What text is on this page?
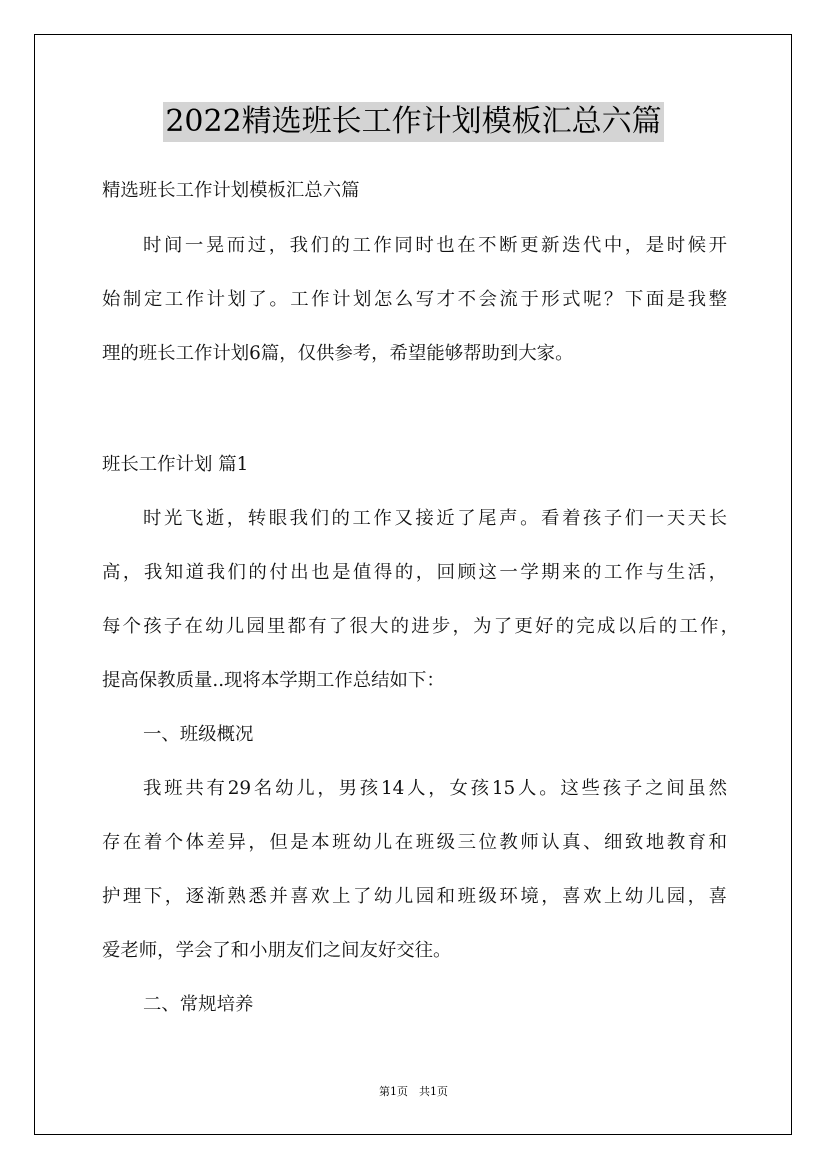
2022精选班长工作计划模板汇总六篇
精选班长工作计划模板汇总六篇
时间一晃而过，我们的工作同时也在不断更新迭代中，是时候开
始制定工作计划了。工作计划怎么写才不会流于形式呢？下面是我整
理的班长工作计划6篇，仅供参考，希望能够帮助到大家。
班长工作计划 篇1
时光飞逝，转眼我们的工作又接近了尾声。看着孩子们一天天长
高，我知道我们的付出也是值得的，回顾这一学期来的工作与生活，
每个孩子在幼儿园里都有了很大的进步，为了更好的完成以后的工作，
提高保教质量..现将本学期工作总结如下：
一、班级概况
我班共有29名幼儿，男孩14人，女孩15人。这些孩子之间虽然
存在着个体差异，但是本班幼儿在班级三位教师认真、细致地教育和
护理下，逐渐熟悉并喜欢上了幼儿园和班级环境，喜欢上幼儿园，喜
爱老师，学会了和小朋友们之间友好交往。
二、常规培养
第1页　共1页
